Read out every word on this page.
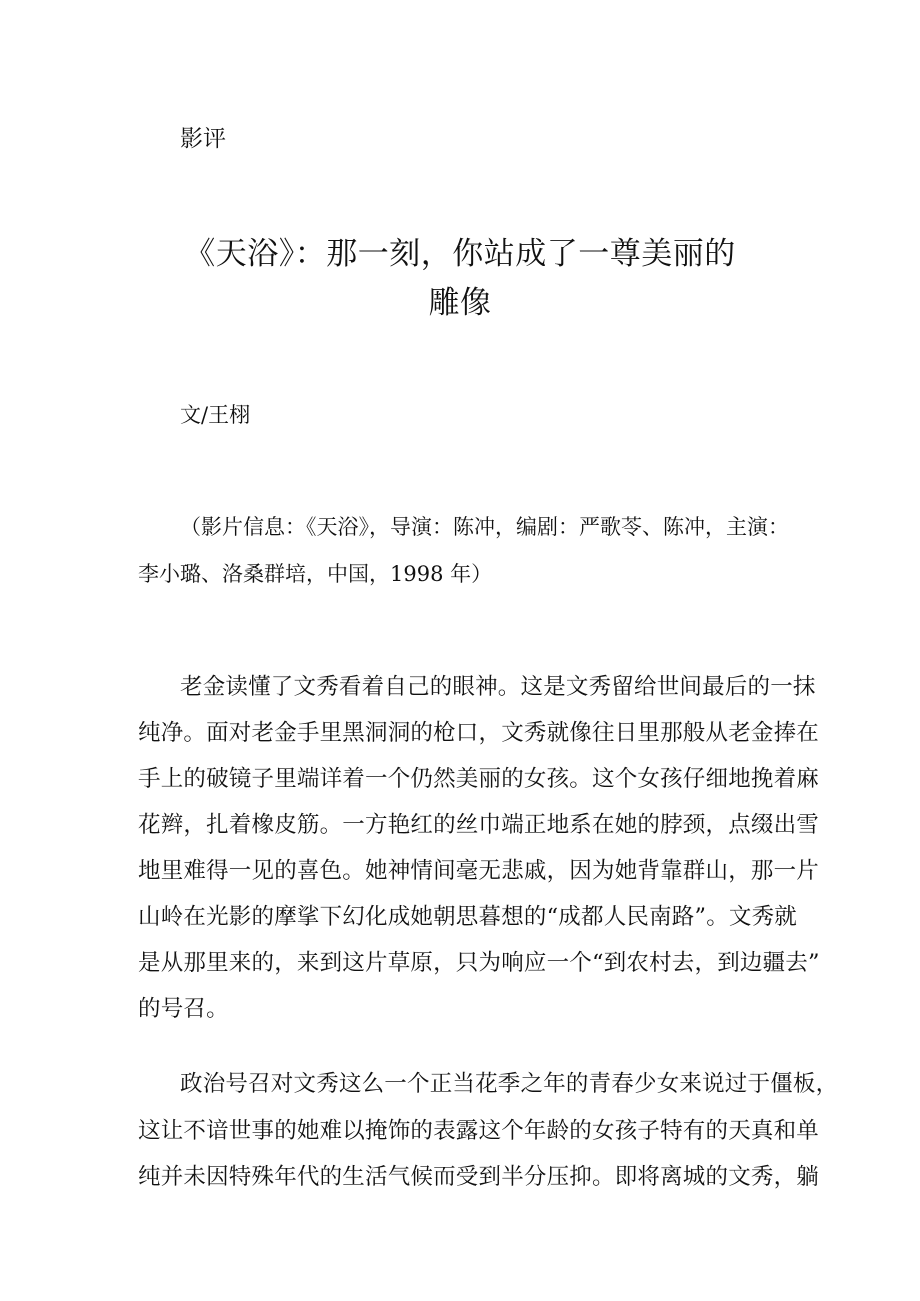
影评
《天浴》：那一刻，你站成了一尊美丽的
雕像
文/王栩
（影片信息：《天浴》，导演：陈冲，编剧：严歌苓、陈冲，主演：
李小璐、洛桑群培，中国，1998 年）
老金读懂了文秀看着自己的眼神。这是文秀留给世间最后的一抹
纯净。面对老金手里黑洞洞的枪口，文秀就像往日里那般从老金捧在
手上的破镜子里端详着一个仍然美丽的女孩。这个女孩仔细地挽着麻
花辫，扎着橡皮筋。一方艳红的丝巾端正地系在她的脖颈，点缀出雪
地里难得一见的喜色。她神情间毫无悲戚，因为她背靠群山，那一片
山岭在光影的摩挲下幻化成她朝思暮想的“成都人民南路”。文秀就
是从那里来的，来到这片草原，只为响应一个“到农村去，到边疆去”
的号召。
政治号召对文秀这么一个正当花季之年的青春少女来说过于僵板，
这让不谙世事的她难以掩饰的表露这个年龄的女孩子特有的天真和单
纯并未因特殊年代的生活气候而受到半分压抑。即将离城的文秀，躺
